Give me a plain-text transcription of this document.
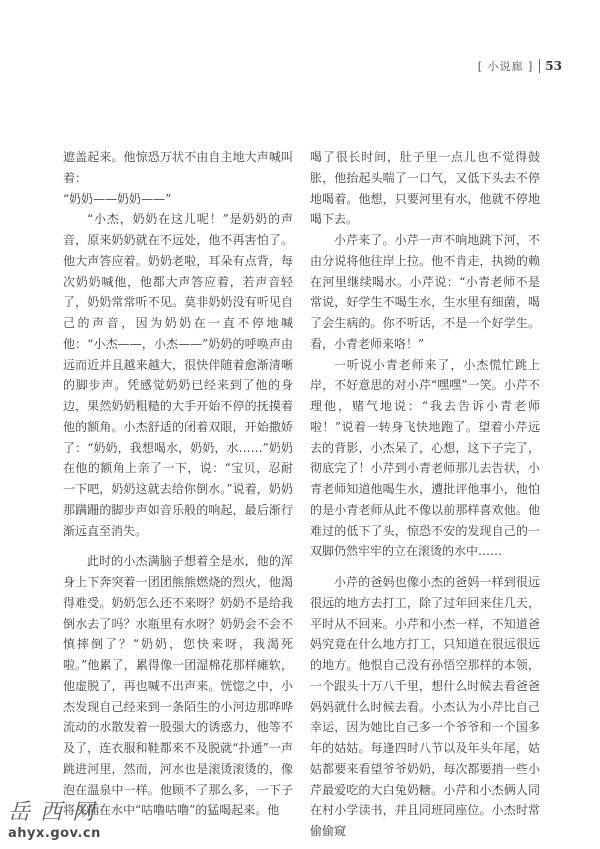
[ 小说廊 ] 53

遮盖起来。他惊恐万状不由自主地大声喊叫着：

“奶奶——奶奶——”

“小杰，奶奶在这儿呢！”是奶奶的声音，原来奶奶就在不远处，他不再害怕了。他大声答应着。奶奶老啦，耳朵有点背，每次奶奶喊他，他都大声答应着，若声音轻了，奶奶常常听不见。莫非奶奶没有听见自己的声音，因为奶奶在一直不停地喊他：“小杰——，小杰——”奶奶的呼唤声由远而近并且越来越大，很快伴随着愈渐清晰的脚步声。凭感觉奶奶已经来到了他的身边，果然奶奶粗糙的大手开始不停的抚摸着他的额角。小杰舒适的闭着双眼，开始撒娇了：“奶奶，我想喝水，奶奶，水……”奶奶在他的额角上亲了一下，说：“宝贝，忍耐一下吧，奶奶这就去给你倒水。”说着，奶奶那蹒跚的脚步声如音乐般的响起，最后渐行渐远直至消失。

此时的小杰满脑子想着全是水，他的浑身上下奔突着一团团熊熊燃烧的烈火，他渴得难受。奶奶怎么还不来呀？奶奶不是给我倒水去了吗？水瓶里有水呀？奶奶会不会不慎摔倒了？“奶奶，您快来呀，我渴死啦。”他累了，累得像一团湿棉花那样瘫软，他虚脱了，再也喊不出声来。恍惚之中，小杰发现自己经来到一条陌生的小河边那哗哗流动的水散发着一股强大的诱惑力，他等不及了，连衣服和鞋都来不及脱就“扑通”一声跳进河里，然而，河水也是滚烫滚烫的，像泡在温泉中一样。他顾不了那么多，一下子将头插在水中“咕噜咕噜”的猛喝起来。他

喝了很长时间，肚子里一点儿也不觉得鼓胀，他抬起头喘了一口气，又低下头去不停地喝着。他想，只要河里有水，他就不停地喝下去。

小芹来了。小芹一声不响地跳下河，不由分说将他往岸上拉。他不肯走，执拗的赖在河里继续喝水。小芹说：“小青老师不是常说，好学生不喝生水，生水里有细菌，喝了会生病的。你不听话，不是一个好学生。看，小青老师来咯！”

一听说小青老师来了，小杰慌忙跳上岸，不好意思的对小芹“嘿嘿”一笑。小芹不理他，赌气地说：“我去告诉小青老师啦！”说着一转身飞快地跑了。望着小芹远去的背影，小杰呆了，心想，这下子完了，彻底完了！小芹到小青老师那儿去告状，小青老师知道他喝生水，遭批评他事小，他怕的是小青老师从此不像以前那样喜欢他。他难过的低下了头，惊恐不安的发现自己的一双脚仍然牢牢的立在滚烫的水中……

小芹的爸妈也像小杰的爸妈一样到很远很远的地方去打工，除了过年回来住几天，平时从不回来。小芹和小杰一样，不知道爸妈究竟在什么地方打工，只知道在很远很远的地方。他恨自己没有孙悟空那样的本领，一个跟头十万八千里，想什么时候去看爸爸妈妈就什么时候去看。小杰认为小芹比自己幸运，因为她比自己多一个爷爷和一个国多年的姑姑。每逢四时八节以及年头年尾，姑姑都要来看望爷爷奶奶，每次都要捎一些小芹最爱吃的大白兔奶糖。小芹和小杰俩人同在村小学读书，并且同班同座位。小杰时常偷偷窥

岳西网
ahyx.gov.cn
